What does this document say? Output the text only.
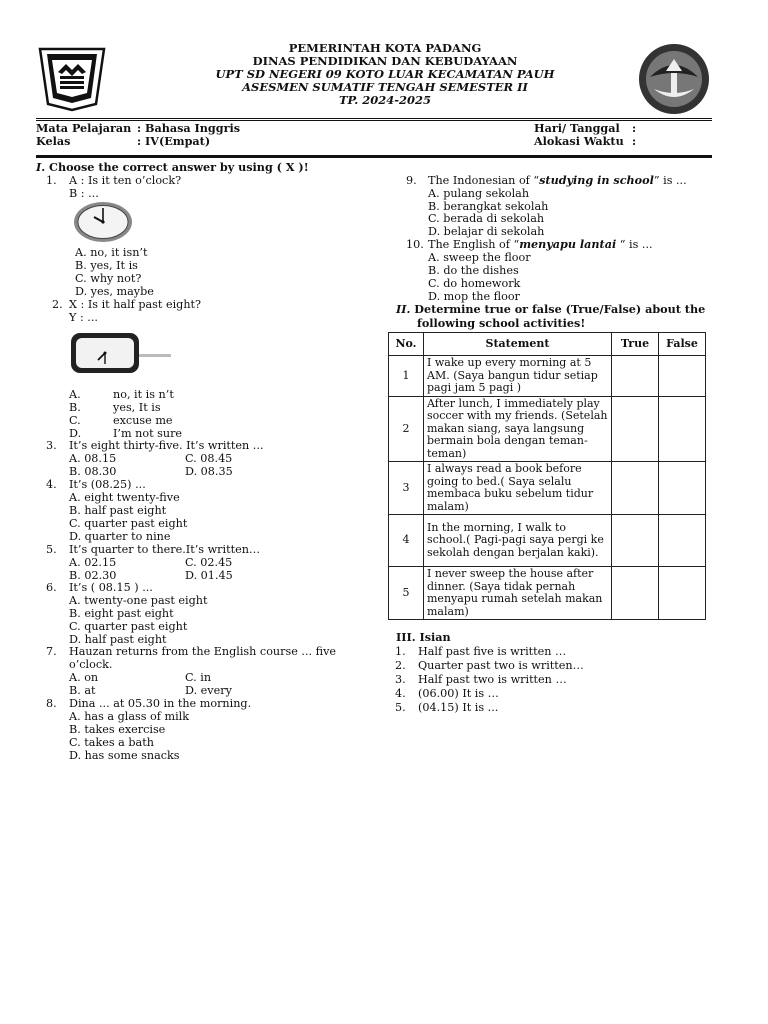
PEMERINTAH KOTA PADANG
DINAS PENDIDIKAN DAN KEBUDAYAAN
UPT SD NEGERI 09 KOTO LUAR KECAMATAN PAUH
ASESMEN SUMATIF TENGAH SEMESTER II
TP. 2024-2025
Mata Pelajaran : Bahasa Inggris
Kelas	: IV(Empat)
Hari/ Tanggal :
Alokasi Waktu :
I. Choose the correct answer by using ( X )!
1. A : Is it ten o’clock?
B : ...
A. no, it isn’t
B. yes, It is
C. why not?
D. yes, maybe
2. X : Is it half past eight?
Y : ...
A.	no, it is n’t
B.	yes, It is
C.	excuse me
D.	I’m not sure
3. It’s eight thirty-five. It’s written ...
A. 08.15	C. 08.45
B. 08.30	D. 08.35
4. It’s (08.25) ...
A. eight twenty-five
B. half past eight
C. quarter past eight
D. quarter to nine
5. It’s quarter to there.It’s written…
A. 02.15	C. 02.45
B. 02.30	D. 01.45
6. It’s ( 08.15 ) ...
A. twenty-one past eight
B. eight past eight
C. quarter past eight
D. half past eight
7. Hauzan returns from the English course ... five
o’clock.
A. on	C. in
B. at	D. every
8. Dina ... at 05.30 in the morning.
A. has a glass of milk
B. takes exercise
C. takes a bath
D. has some snacks
9. The Indonesian of “studying in school” is ...
A. pulang sekolah
B. berangkat sekolah
C. berada di sekolah
D. belajar di sekolah
10. The English of “menyapu lantai “ is ...
A. sweep the floor
B. do the dishes
C. do homework
D. mop the floor
II. Determine true or false (True/False) about the
following school activities!
No.	Statement	True	False
1	I wake up every morning at 5 AM. (Saya bangun tidur setiap pagi jam 5 pagi )		
2	After lunch, I immediately play soccer with my friends. (Setelah makan siang, saya langsung bermain bola dengan teman-teman)		
3	I always read a book before going to bed.( Saya selalu membaca buku sebelum tidur malam)		
4	In the morning, I walk to school.( Pagi-pagi saya pergi ke sekolah dengan berjalan kaki).		
5	I never sweep the house after dinner. (Saya tidak pernah menyapu rumah setelah makan malam)		
III. Isian
1. Half past five is written …
2. Quarter past two is written…
3. Half past two is written …
4. (06.00) It is …
5. (04.15) It is ...
